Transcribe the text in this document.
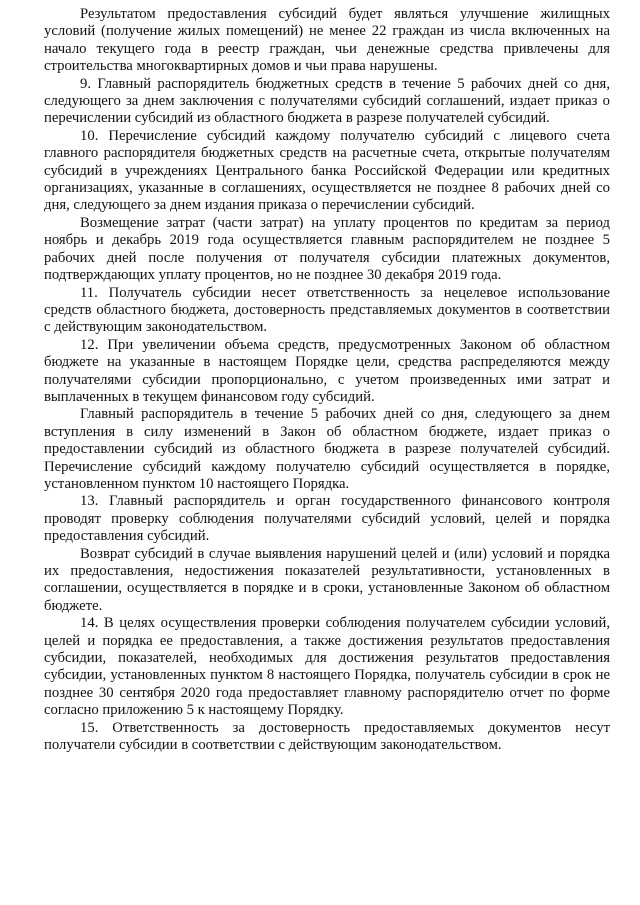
Результатом предоставления субсидий будет являться улучшение жилищных условий (получение жилых помещений) не менее 22 граждан из числа включенных на начало текущего года в реестр граждан, чьи денежные средства привлечены для строительства многоквартирных домов и чьи права нарушены.

9. Главный распорядитель бюджетных средств в течение 5 рабочих дней со дня, следующего за днем заключения с получателями субсидий соглашений, издает приказ о перечислении субсидий из областного бюджета в разрезе получателей субсидий.

10. Перечисление субсидий каждому получателю субсидий с лицевого счета главного распорядителя бюджетных средств на расчетные счета, открытые получателям субсидий в учреждениях Центрального банка Российской Федерации или кредитных организациях, указанные в соглашениях, осуществляется не позднее 8 рабочих дней со дня, следующего за днем издания приказа о перечислении субсидий.

Возмещение затрат (части затрат) на уплату процентов по кредитам за период ноябрь и декабрь 2019 года осуществляется главным распорядителем не позднее 5 рабочих дней после получения от получателя субсидии платежных документов, подтверждающих уплату процентов, но не позднее 30 декабря 2019 года.

11. Получатель субсидии несет ответственность за нецелевое использование средств областного бюджета, достоверность представляемых документов в соответствии с действующим законодательством.

12. При увеличении объема средств, предусмотренных Законом об областном бюджете на указанные в настоящем Порядке цели, средства распределяются между получателями субсидии пропорционально, с учетом произведенных ими затрат и выплаченных в текущем финансовом году субсидий.

Главный распорядитель в течение 5 рабочих дней со дня, следующего за днем вступления в силу изменений в Закон об областном бюджете, издает приказ о предоставлении субсидий из областного бюджета в разрезе получателей субсидий. Перечисление субсидий каждому получателю субсидий осуществляется в порядке, установленном пунктом 10 настоящего Порядка.

13. Главный распорядитель и орган государственного финансового контроля проводят проверку соблюдения получателями субсидий условий, целей и порядка предоставления субсидий.

Возврат субсидий в случае выявления нарушений целей и (или) условий и порядка их предоставления, недостижения показателей результативности, установленных в соглашении, осуществляется в порядке и в сроки, установленные Законом об областном бюджете.

14. В целях осуществления проверки соблюдения получателем субсидии условий, целей и порядка ее предоставления, а также достижения результатов предоставления субсидии, показателей, необходимых для достижения результатов предоставления субсидии, установленных пунктом 8 настоящего Порядка, получатель субсидии в срок не позднее 30 сентября 2020 года предоставляет главному распорядителю отчет по форме согласно приложению 5 к настоящему Порядку.

15. Ответственность за достоверность предоставляемых документов несут получатели субсидии в соответствии с действующим законодательством.
